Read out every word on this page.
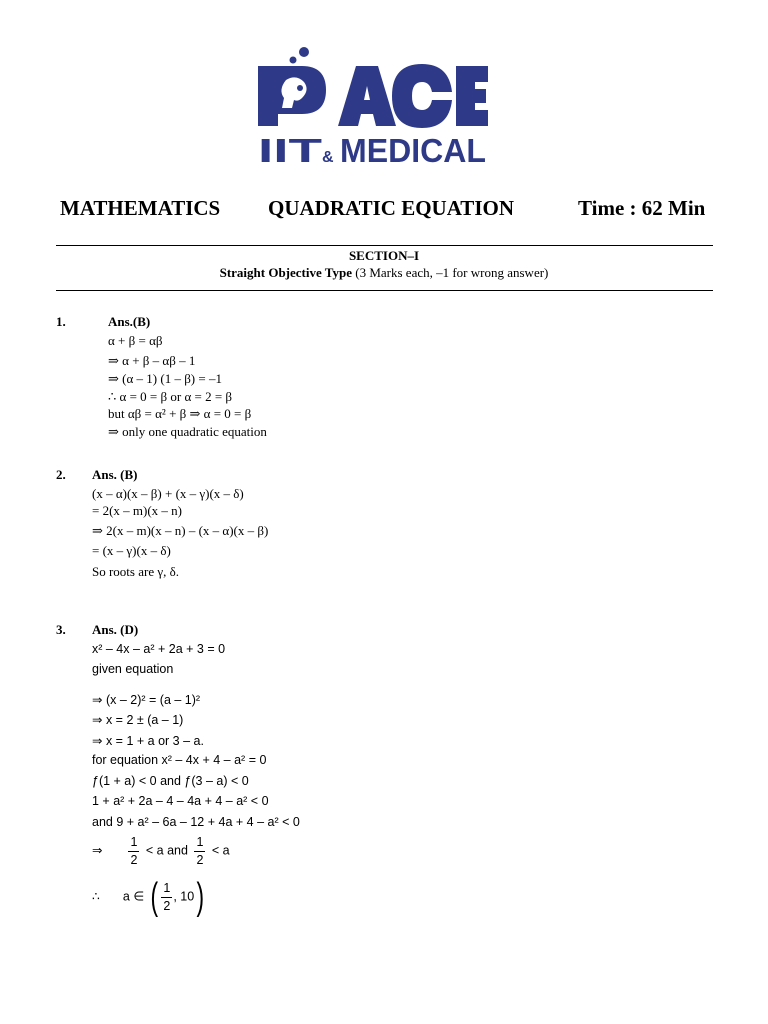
IIT & MEDICAL
MATHEMATICS QUADRATIC EQUATION	Time : 62 Min
SECTION–I
Straight Objective Type (3 Marks each, –1 for wrong answer)
1.	Ans.(B)
α + β = αβ
⇒ α + β – αβ – 1
⇒ (α – 1) (1 – β) = –1
∴ α = 0 = β or α = 2 = β
but αβ = α² + β ⇒ α = 0 = β
⇒ only one quadratic equation
2. Ans. (B)
(x – α)(x – β) + (x – γ)(x – δ)
= 2(x – m)(x – n)
⇒ 2(x – m)(x – n) – (x – α)(x – β)
= (x – γ)(x – δ)
So roots are γ, δ.
3. Ans. (D)
x² – 4x – a² + 2a + 3 = 0
given equation
⇒ (x – 2)² = (a – 1)²
⇒ x = 2 ± (a – 1)
⇒ x = 1 + a or 3 – a.
for equation x² – 4x + 4 – a² = 0
ƒ(1 + a) < 0 and ƒ(3 – a) < 0
1 + a² + 2a – 4 – 4a + 4 – a² < 0
and 9 + a² – 6a – 12 + 4a + 4 – a² < 0
⇒ $\frac{1}{2} < a$ and $\frac{1}{2} < a$
∴ a ∈ ( $\frac{1}{2}$ , 10)
